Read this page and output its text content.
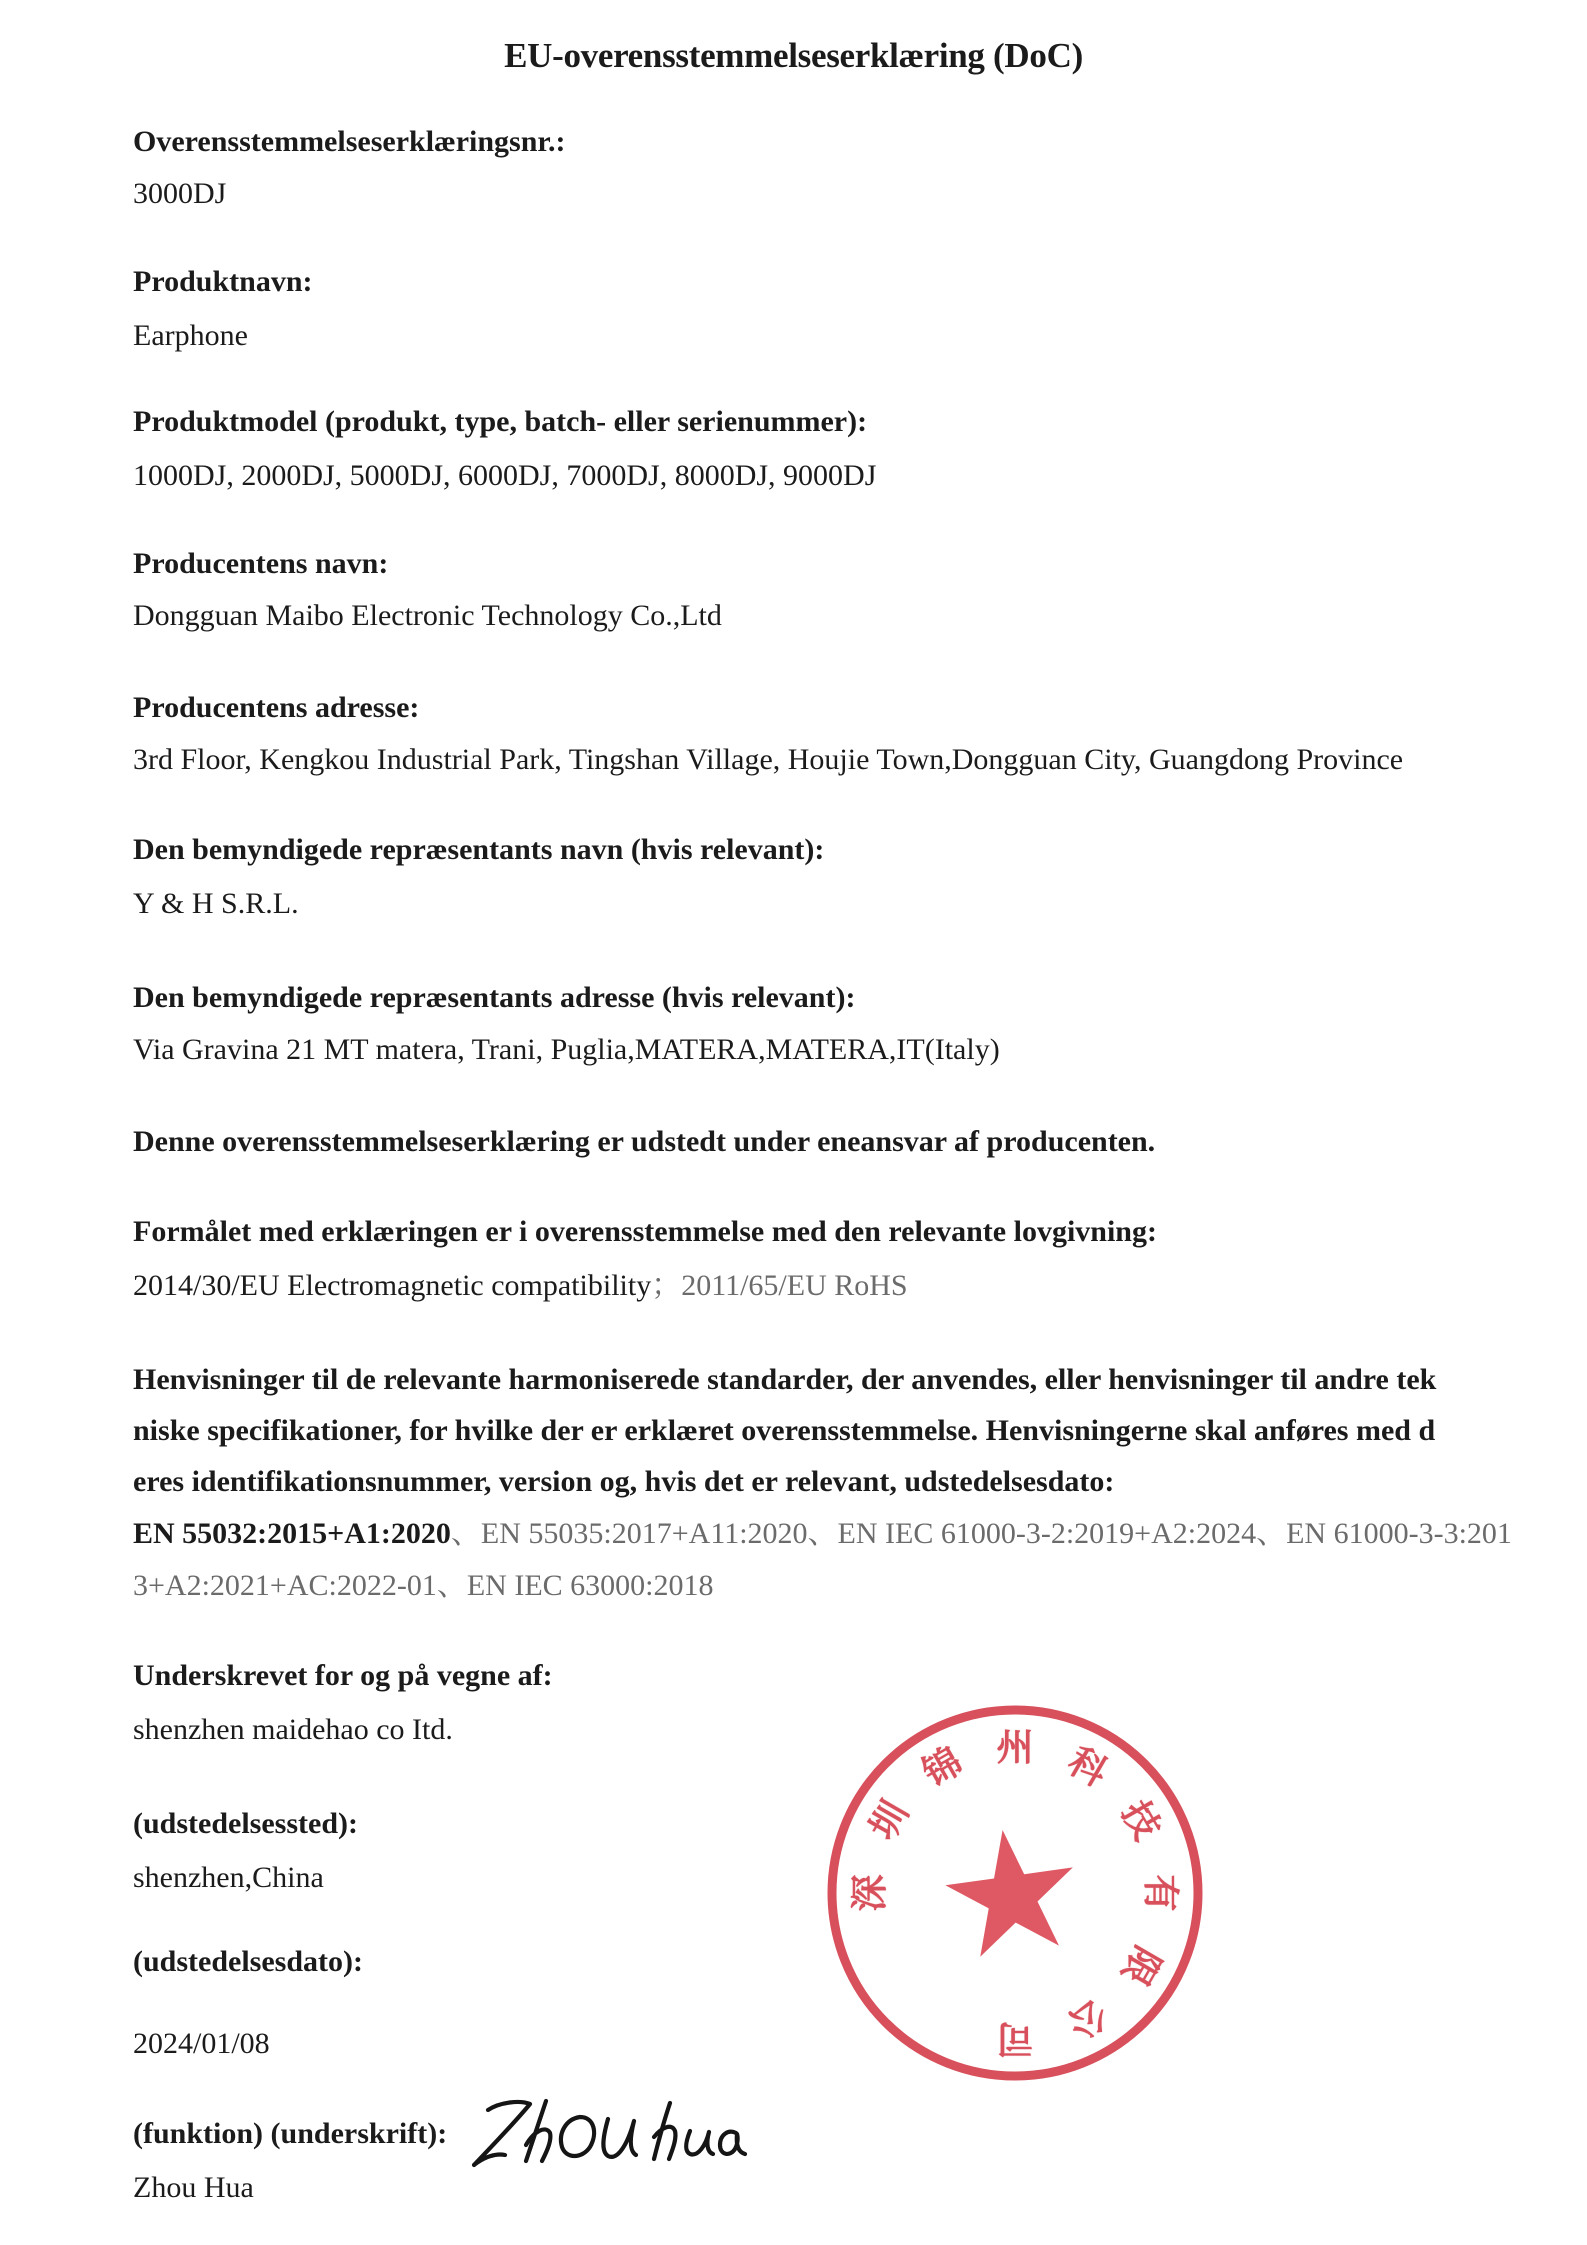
EU-overensstemmelseserklæring (DoC)
Overensstemmelseserklæringsnr.:
3000DJ
Produktnavn:
Earphone
Produktmodel (produkt, type, batch- eller serienummer):
1000DJ, 2000DJ, 5000DJ, 6000DJ, 7000DJ, 8000DJ, 9000DJ
Producentens navn:
Dongguan Maibo Electronic Technology Co.,Ltd
Producentens adresse:
3rd Floor, Kengkou Industrial Park, Tingshan Village, Houjie Town,Dongguan City, Guangdong Province
Den bemyndigede repræsentants navn (hvis relevant):
Y & H S.R.L.
Den bemyndigede repræsentants adresse (hvis relevant):
Via Gravina 21 MT matera, Trani, Puglia,MATERA,MATERA,IT(Italy)
Denne overensstemmelseserklæring er udstedt under eneansvar af producenten.
Formålet med erklæringen er i overensstemmelse med den relevante lovgivning:
2014/30/EU Electromagnetic compatibility；2011/65/EU RoHS
Henvisninger til de relevante harmoniserede standarder, der anvendes, eller henvisninger til andre tek
niske specifikationer, for hvilke der er erklæret overensstemmelse. Henvisningerne skal anføres med d
eres identifikationsnummer, version og, hvis det er relevant, udstedelsesdato:
EN 55032:2015+A1:2020、EN 55035:2017+A11:2020、EN IEC 61000-3-2:2019+A2:2024、EN 61000-3-3:201
3+A2:2021+AC:2022-01、EN IEC 63000:2018
Underskrevet for og på vegne af:
shenzhen maidehao co Itd.
(udstedelsessted):
shenzhen,China
(udstedelsesdato):
2024/01/08
(funktion) (underskrift):
Zhou Hua
深
圳
锦 州 科
技
有
限
公
司
